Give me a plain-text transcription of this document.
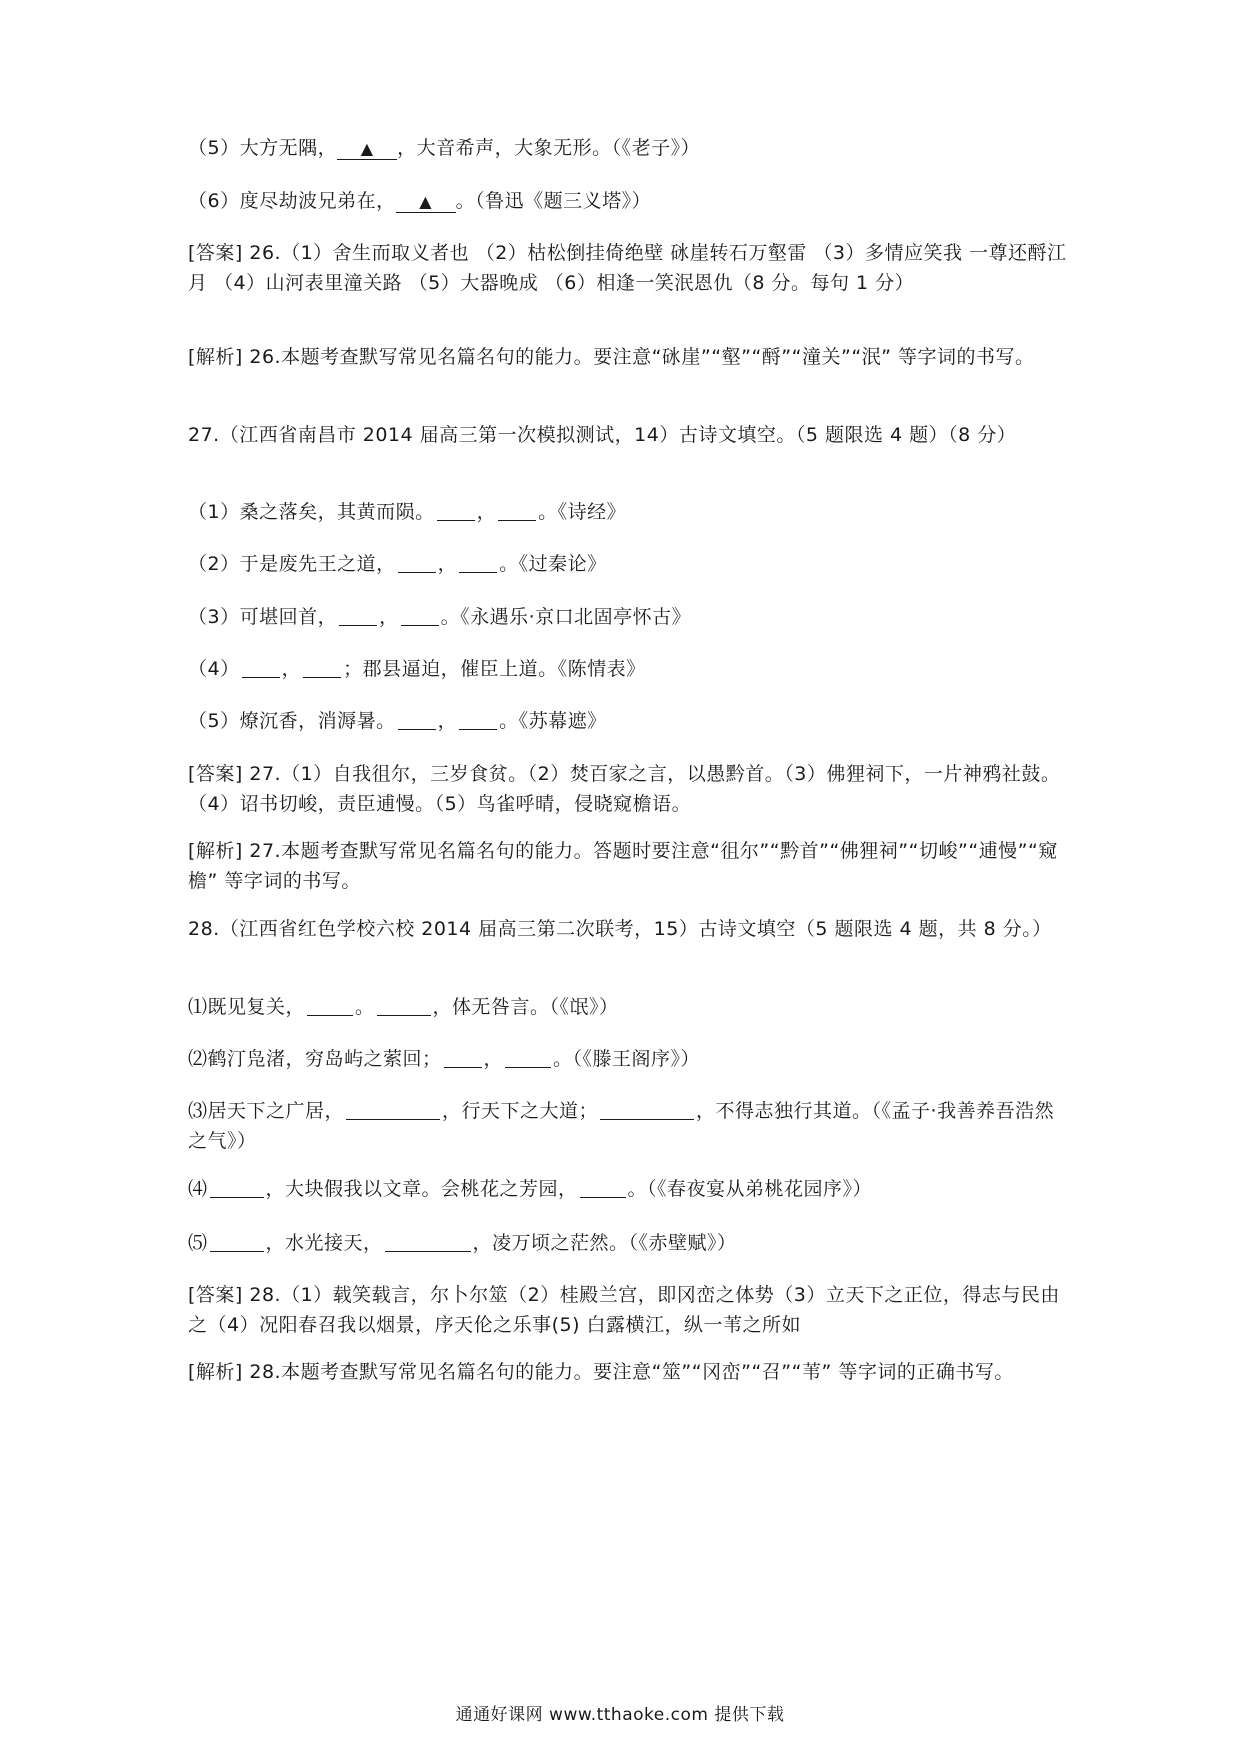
（5）大方无隅， ▲ ，大音希声，大象无形。（《老子》）
（6）度尽劫波兄弟在， ▲ 。（鲁迅《题三义塔》）
[答案] 26.（1）舍生而取义者也 （2）枯松倒挂倚绝壁 砯崖转石万壑雷 （3）多情应笑我 一尊还酹江月 （4）山河表里潼关路 （5）大器晚成 （6）相逢一笑泯恩仇（8 分。每句 1 分）
[解析] 26.本题考查默写常见名篇名句的能力。要注意“砯崖”“壑”“酹”“潼关”“泯” 等字词的书写。
27.（江西省南昌市 2014 届高三第一次模拟测试，14）古诗文填空。（5 题限选 4 题）（8 分）
（1）桑之落矣，其黄而陨。 ， 。《诗经》
（2）于是废先王之道， ， 。《过秦论》
（3）可堪回首， ， 。《永遇乐·京口北固亭怀古》
（4） ， ；郡县逼迫，催臣上道。《陈情表》
（5）燎沉香，消溽暑。 ， 。《苏幕遮》
[答案] 27.（1）自我徂尔，三岁食贫。（2）焚百家之言，以愚黔首。（3）佛狸祠下，一片神鸦社鼓。（4）诏书切峻，责臣逋慢。（5）鸟雀呼晴，侵晓窥檐语。
[解析] 27.本题考查默写常见名篇名句的能力。答题时要注意“徂尔”“黔首”“佛狸祠”“切峻”“逋慢”“窥檐” 等字词的书写。
28.（江西省红色学校六校 2014 届高三第二次联考，15）古诗文填空（5 题限选 4 题，共 8 分。）
⑴既见复关，	。	，体无咎言。（《氓》）
⑵鹤汀凫渚，穷岛屿之萦回； ，	。（《滕王阁序》）
⑶居天下之广居，	，行天下之大道；	，不得志独行其道。（《孟子·我善养吾浩然之气》）
⑷	，大块假我以文章。会桃花之芳园，	。（《春夜宴从弟桃花园序》）
⑸	，水光接天，	，凌万顷之茫然。（《赤壁赋》）
[答案] 28.（1）载笑载言，尔卜尔筮（2）桂殿兰宫，即冈峦之体势（3）立天下之正位，得志与民由之（4）况阳春召我以烟景，序天伦之乐事(5) 白露横江，纵一苇之所如
[解析] 28.本题考查默写常见名篇名句的能力。要注意“筮”“冈峦”“召”“苇” 等字词的正确书写。
通通好课网 www.tthaoke.com 提供下载
